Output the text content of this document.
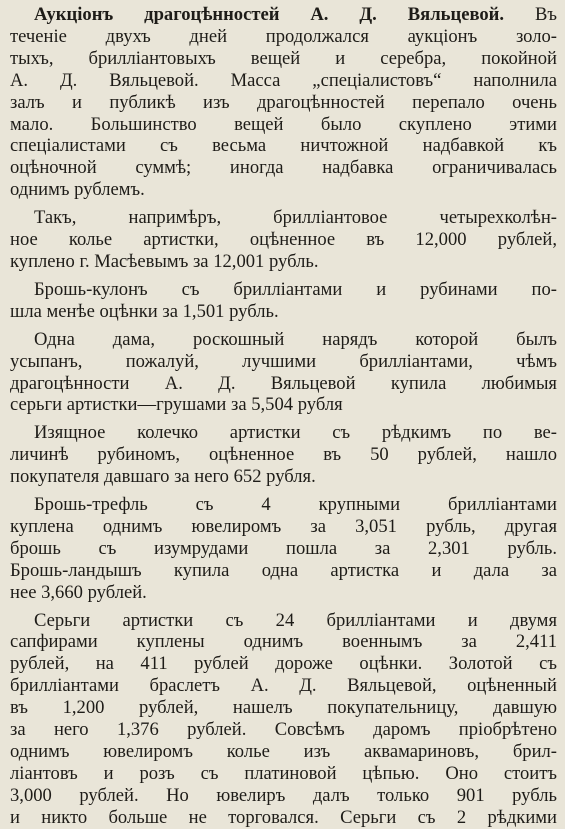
Аукціонъ драгоцѣнностей А. Д. Вяльцевой. Въ
теченіе двухъ дней продолжался аукціонъ золо-
тыхъ, бриллiантовыхъ вещей и серебра, покойной
А. Д. Вяльцевой. Масса „спеціалистовъ“ наполнила
залъ и публикѣ изъ драгоцѣнностей перепало очень
мало. Большинство вещей было скуплено этими
спеціалистами съ весьма ничтожной надбавкой къ
оцѣночной суммѣ; иногда надбавка ограничивалась
однимъ рублемъ.
Такъ, напримѣръ, бриллiантовое четырехколѣн-
ное колье артистки, оцѣненное въ 12,000 рублей,
куплено г. Масѣевымъ за 12,001 рубль.
Брошь-кулонъ съ бриллiантами и рубинами по-
шла менѣе оцѣнки за 1,501 рубль.
Одна дама, роскошный нарядъ которой былъ
усыпанъ, пожалуй, лучшими бриллiантами, чѣмъ
драгоцѣнности А. Д. Вяльцевой купила любимыя
серьги артистки—грушами за 5,504 рубля
Изящное колечко артистки съ рѣдкимъ по ве-
личинѣ рубиномъ, оцѣненное въ 50 рублей, нашло
покупателя давшаго за него 652 рубля.
Брошь-трефль съ 4 крупными бриллiантами
куплена однимъ ювелиромъ за 3,051 рубль, другая
брошь съ изумрудами пошла за 2,301 рубль.
Брошь-ландышъ купила одна артистка и дала за
нее 3,660 рублей.
Серьги артистки съ 24 бриллiантами и двумя
сапфирами куплены однимъ военнымъ за 2,411
рублей, на 411 рублей дороже оцѣнки. Золотой съ
бриллiантами браслетъ А. Д. Вяльцевой, оцѣненный
въ 1,200 рублей, нашелъ покупательницу, давшую
за него 1,376 рублей. Совсѣмъ даромъ пріобрѣтено
однимъ ювелиромъ колье изъ аквамариновъ, брил-
лiантовъ и розъ съ платиновой цѣпью. Оно стоитъ
3,000 рублей. Но ювелиръ далъ только 901 рубль
и никто больше не торговался. Серьги съ 2 рѣдкими
